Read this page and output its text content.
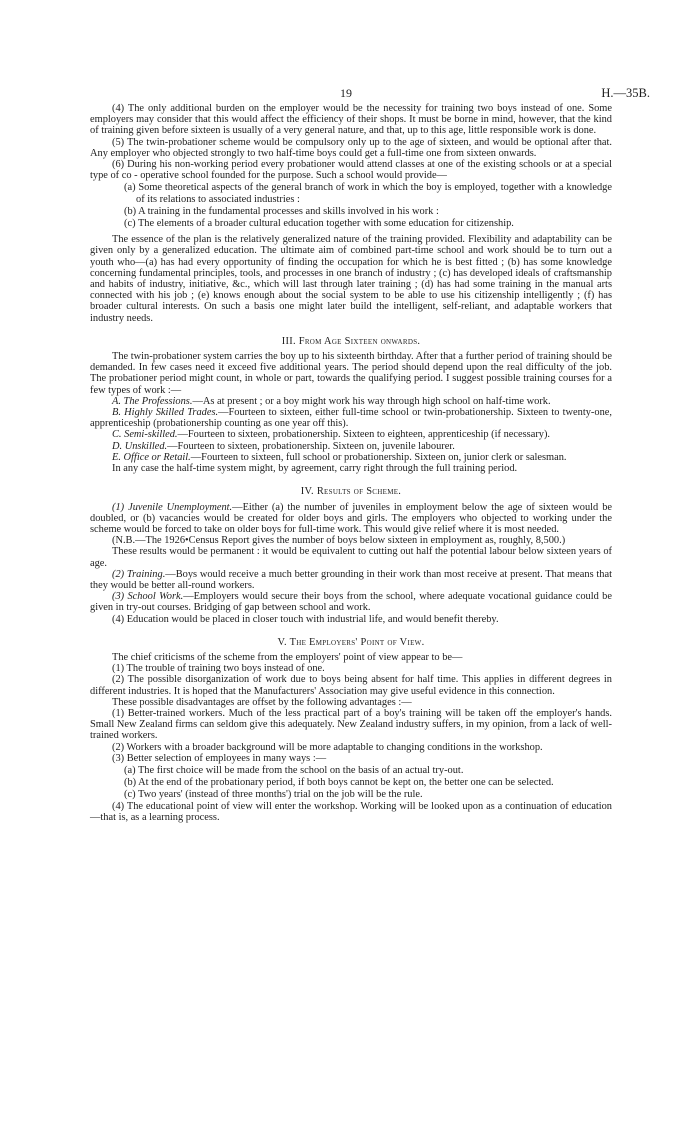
19	H.—35B.

(4) The only additional burden on the employer would be the necessity for training two boys instead of one. Some employers may consider that this would affect the efficiency of their shops. It must be borne in mind, however, that the kind of training given before sixteen is usually of a very general nature, and that, up to this age, little responsible work is done.

(5) The twin-probationer scheme would be compulsory only up to the age of sixteen, and would be optional after that. Any employer who objected strongly to two half-time boys could get a full-time one from sixteen onwards.

(6) During his non-working period every probationer would attend classes at one of the existing schools or at a special type of co - operative school founded for the purpose. Such a school would provide—

(a) Some theoretical aspects of the general branch of work in which the boy is employed, together with a knowledge of its relations to associated industries :

(b) A training in the fundamental processes and skills involved in his work :

(c) The elements of a broader cultural education together with some education for citizenship.

The essence of the plan is the relatively generalized nature of the training provided. Flexibility and adaptability can be given only by a generalized education. The ultimate aim of combined part-time school and work should be to turn out a youth who—(a) has had every opportunity of finding the occupation for which he is best fitted ; (b) has some knowledge concerning fundamental principles, tools, and processes in one branch of industry ; (c) has developed ideals of craftsmanship and habits of industry, initiative, &c., which will last through later training ; (d) has had some training in the manual arts connected with his job ; (e) knows enough about the social system to be able to use his citizenship intelligently ; (f) has broader cultural interests. On such a basis one might later build the intelligent, self-reliant, and adaptable workers that industry needs.

III. From Age Sixteen onwards.

The twin-probationer system carries the boy up to his sixteenth birthday. After that a further period of training should be demanded. In few cases need it exceed five additional years. The period should depend upon the real difficulty of the job. The probationer period might count, in whole or part, towards the qualifying period. I suggest possible training courses for a few types of work :—

A. The Professions.—As at present ; or a boy might work his way through high school on half-time work.

B. Highly Skilled Trades.—Fourteen to sixteen, either full-time school or twin-probationership. Sixteen to twenty-one, apprenticeship (probationership counting as one year off this).

C. Semi-skilled.—Fourteen to sixteen, probationership. Sixteen to eighteen, apprenticeship (if necessary).

D. Unskilled.—Fourteen to sixteen, probationership. Sixteen on, juvenile labourer.

E. Office or Retail.—Fourteen to sixteen, full school or probationership. Sixteen on, junior clerk or salesman.

In any case the half-time system might, by agreement, carry right through the full training period.

IV. Results of Scheme.

(1) Juvenile Unemployment.—Either (a) the number of juveniles in employment below the age of sixteen would be doubled, or (b) vacancies would be created for older boys and girls. The employers who objected to working under the scheme would be forced to take on older boys for full-time work. This would give relief where it is most needed.

(N.B.—The 1926•Census Report gives the number of boys below sixteen in employment as, roughly, 8,500.)

These results would be permanent : it would be equivalent to cutting out half the potential labour below sixteen years of age.

(2) Training.—Boys would receive a much better grounding in their work than most receive at present. That means that they would be better all-round workers.

(3) School Work.—Employers would secure their boys from the school, where adequate vocational guidance could be given in try-out courses. Bridging of gap between school and work.

(4) Education would be placed in closer touch with industrial life, and would benefit thereby.

V. The Employers' Point of View.

The chief criticisms of the scheme from the employers' point of view appear to be—

(1) The trouble of training two boys instead of one.

(2) The possible disorganization of work due to boys being absent for half time. This applies in different degrees in different industries. It is hoped that the Manufacturers' Association may give useful evidence in this connection.

These possible disadvantages are offset by the following advantages :—

(1) Better-trained workers. Much of the less practical part of a boy's training will be taken off the employer's hands. Small New Zealand firms can seldom give this adequately. New Zealand industry suffers, in my opinion, from a lack of well-trained workers.

(2) Workers with a broader background will be more adaptable to changing conditions in the workshop.

(3) Better selection of employees in many ways :—

(a) The first choice will be made from the school on the basis of an actual try-out.

(b) At the end of the probationary period, if both boys cannot be kept on, the better one can be selected.

(c) Two years' (instead of three months') trial on the job will be the rule.

(4) The educational point of view will enter the workshop. Working will be looked upon as a continuation of education—that is, as a learning process.
